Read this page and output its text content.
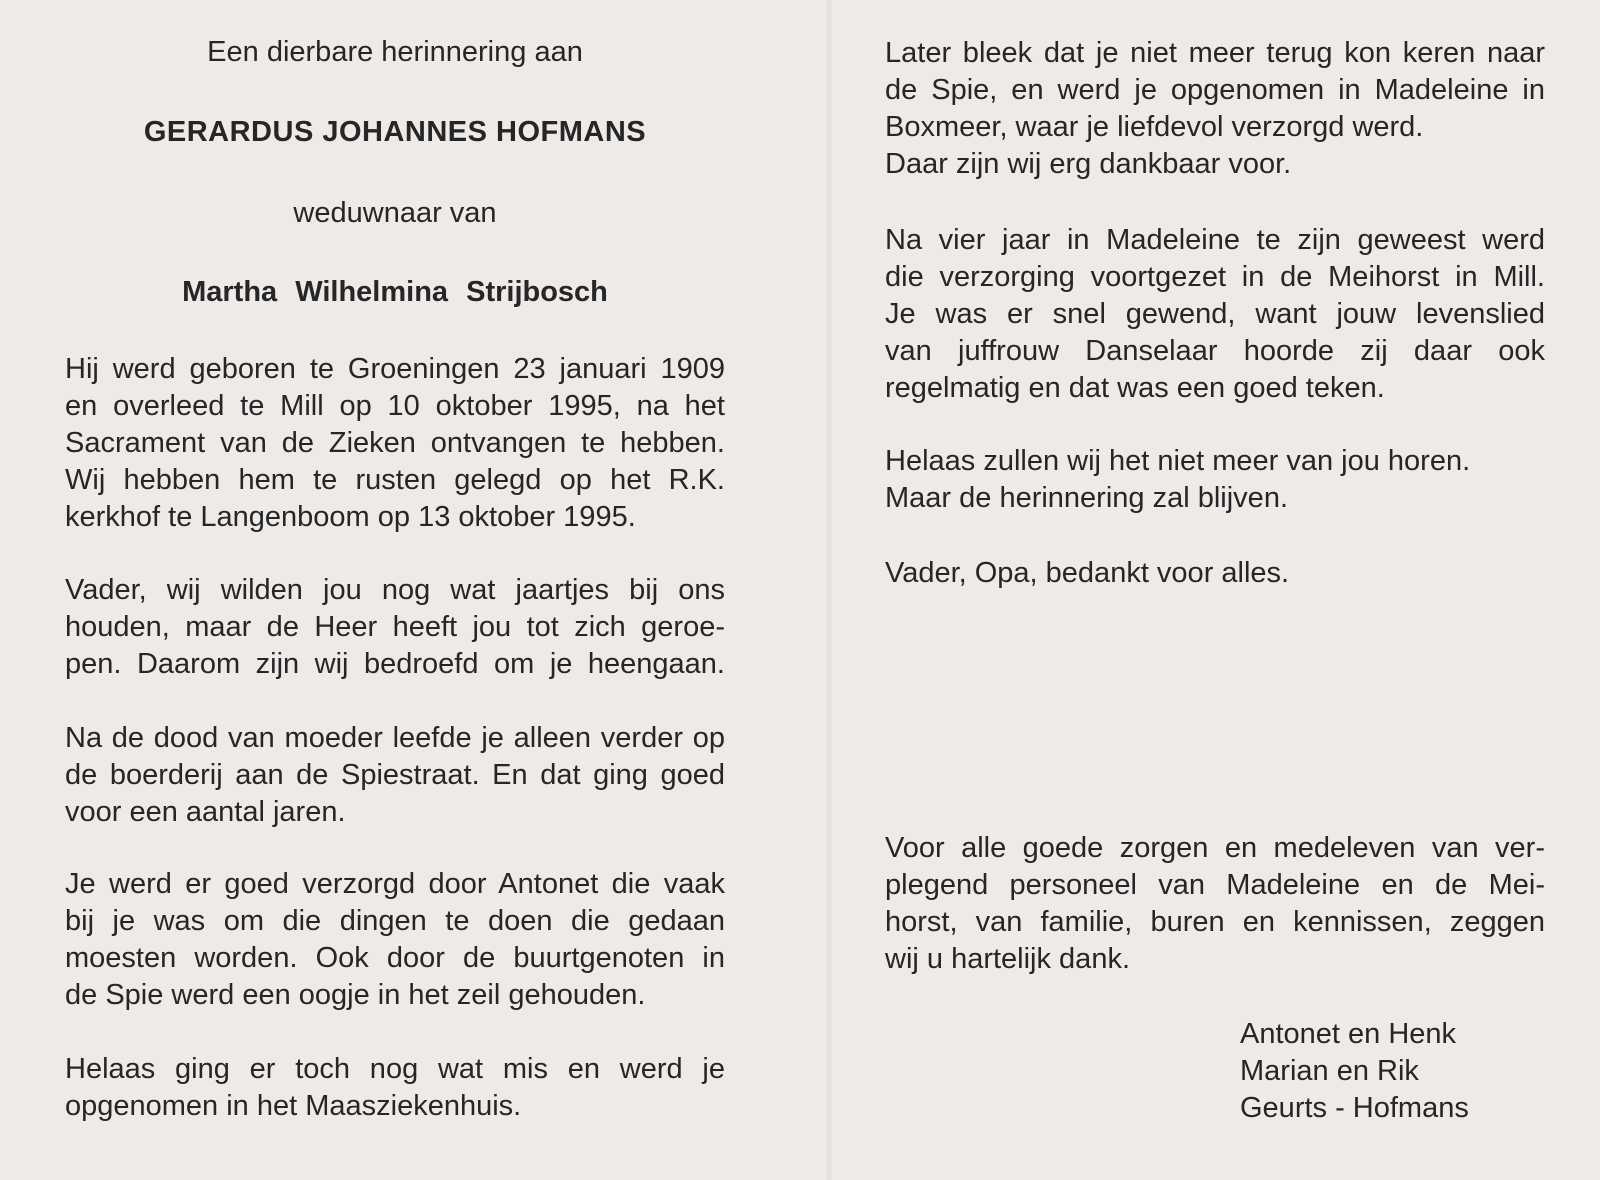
Een dierbare herinnering aan

GERARDUS JOHANNES HOFMANS

weduwnaar van

Martha Wilhelmina Strijbosch

Hij werd geboren te Groeningen 23 januari 1909
en overleed te Mill op 10 oktober 1995, na het
Sacrament van de Zieken ontvangen te hebben.
Wij hebben hem te rusten gelegd op het R.K.
kerkhof te Langenboom op 13 oktober 1995.
Vader, wij wilden jou nog wat jaartjes bij ons
houden, maar de Heer heeft jou tot zich geroe-
pen. Daarom zijn wij bedroefd om je heengaan.
Na de dood van moeder leefde je alleen verder op
de boerderij aan de Spiestraat. En dat ging goed
voor een aantal jaren.
Je werd er goed verzorgd door Antonet die vaak
bij je was om die dingen te doen die gedaan
moesten worden. Ook door de buurtgenoten in
de Spie werd een oogje in het zeil gehouden.
Helaas ging er toch nog wat mis en werd je
opgenomen in het Maasziekenhuis.
Later bleek dat je niet meer terug kon keren naar
de Spie, en werd je opgenomen in Madeleine in
Boxmeer, waar je liefdevol verzorgd werd.
Daar zijn wij erg dankbaar voor.
Na vier jaar in Madeleine te zijn geweest werd
die verzorging voortgezet in de Meihorst in Mill.
Je was er snel gewend, want jouw levenslied
van juffrouw Danselaar hoorde zij daar ook
regelmatig en dat was een goed teken.
Helaas zullen wij het niet meer van jou horen.
Maar de herinnering zal blijven.
Vader, Opa, bedankt voor alles.
Voor alle goede zorgen en medeleven van ver-
plegend personeel van Madeleine en de Mei-
horst, van familie, buren en kennissen, zeggen
wij u hartelijk dank.
Antonet en Henk
Marian en Rik
Geurts - Hofmans
